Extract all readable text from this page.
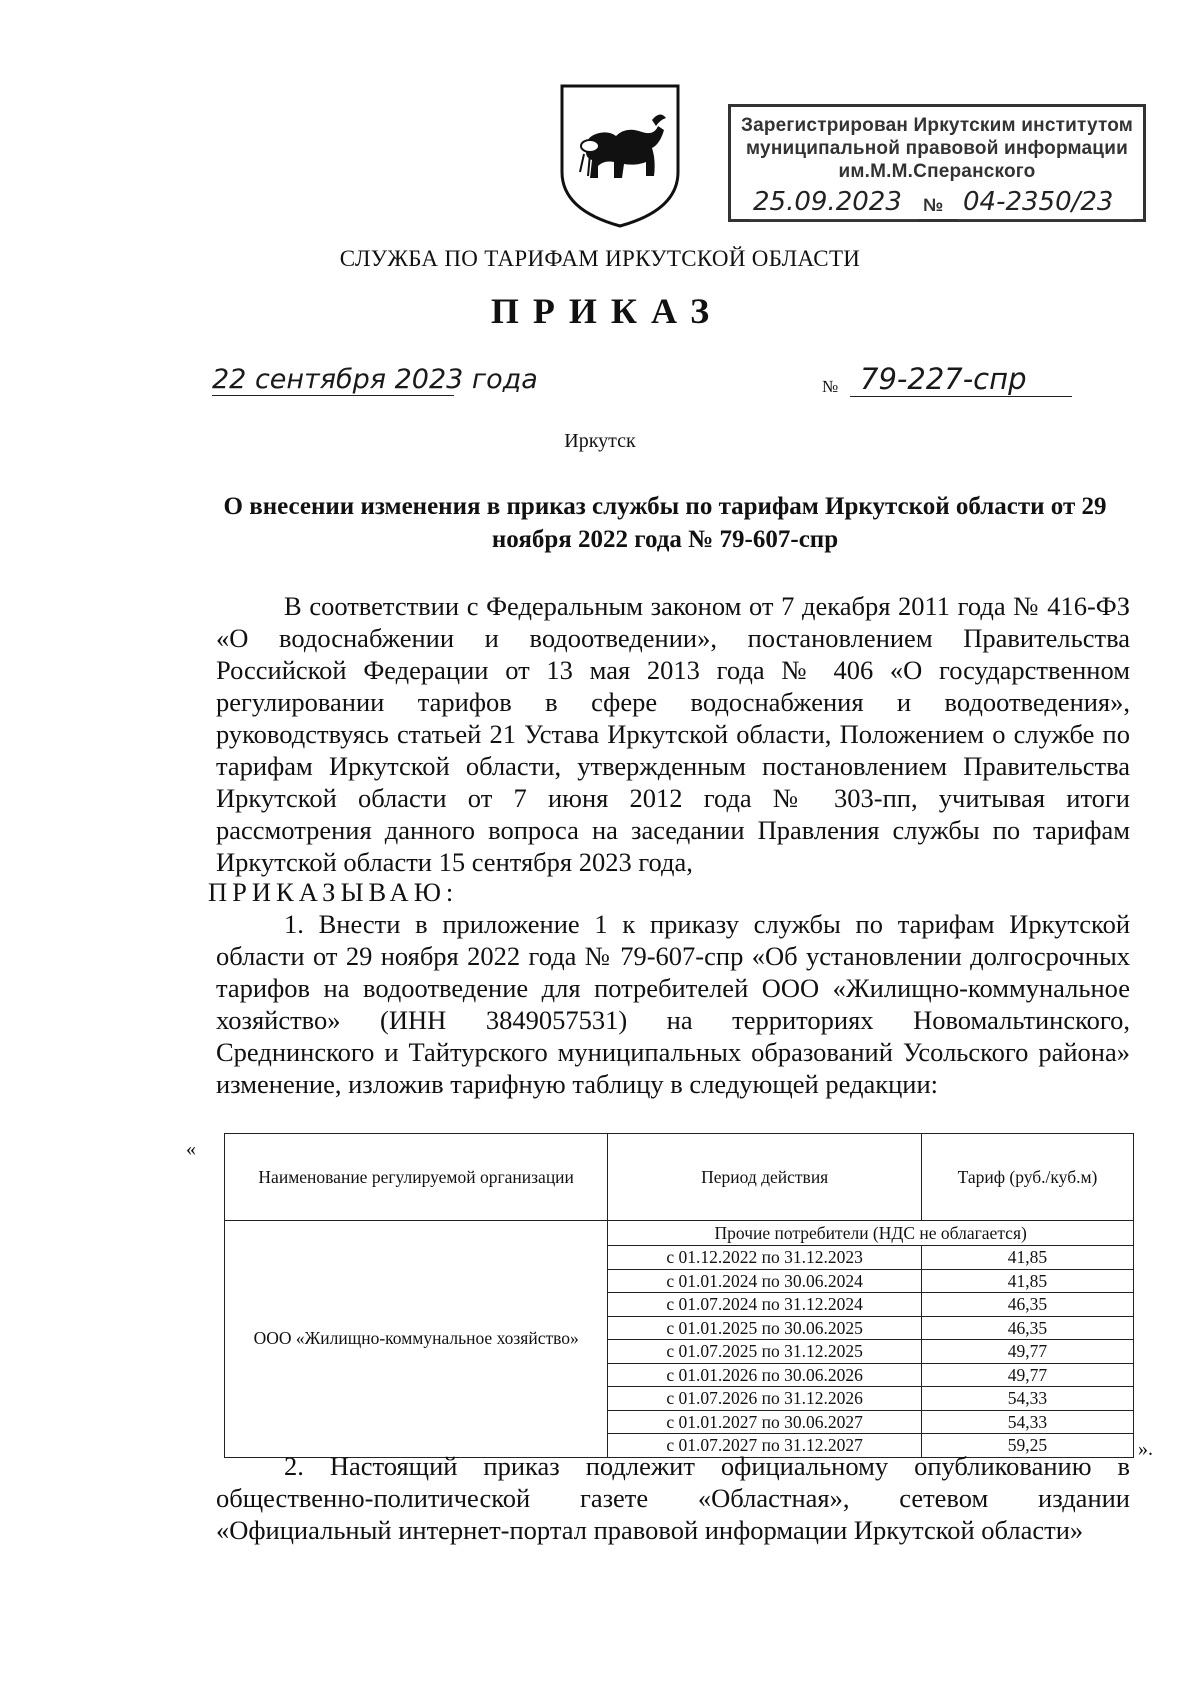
Зарегистрирован Иркутским институтом
муниципальной правовой информации
им.М.М.Сперанского
25.09.2023 № 04-2350/23
СЛУЖБА ПО ТАРИФАМ ИРКУТСКОЙ ОБЛАСТИ
ПРИКАЗ
22 сентября 2023 года	№ 79-227-спр
Иркутск
О внесении изменения в приказ службы по тарифам Иркутской области от 29 ноября 2022 года № 79-607-спр
В соответствии с Федеральным законом от 7 декабря 2011 года № 416-ФЗ «О водоснабжении и водоотведении», постановлением Правительства Российской Федерации от 13 мая 2013 года № 406 «О государственном регулировании тарифов в сфере водоснабжения и водоотведения», руководствуясь статьей 21 Устава Иркутской области, Положением о службе по тарифам Иркутской области, утвержденным постановлением Правительства Иркутской области от 7 июня 2012 года № 303-пп, учитывая итоги рассмотрения данного вопроса на заседании Правления службы по тарифам Иркутской области 15 сентября 2023 года,
ПРИКАЗЫВАЮ:
1. Внести в приложение 1 к приказу службы по тарифам Иркутской области от 29 ноября 2022 года № 79-607-спр «Об установлении долгосрочных тарифов на водоотведение для потребителей ООО «Жилищно-коммунальное хозяйство» (ИНН 3849057531) на территориях Новомальтинского, Среднинского и Тайтурского муниципальных образований Усольского района» изменение, изложив тарифную таблицу в следующей редакции:
«
Наименование регулируемой организации	Период действия	Тариф (руб./куб.м)
ООО «Жилищно-коммунальное хозяйство»	Прочие потребители (НДС не облагается)	
	с 01.12.2022 по 31.12.2023	41,85
	с 01.01.2024 по 30.06.2024	41,85
	с 01.07.2024 по 31.12.2024	46,35
	с 01.01.2025 по 30.06.2025	46,35
	с 01.07.2025 по 31.12.2025	49,77
	с 01.01.2026 по 30.06.2026	49,77
	с 01.07.2026 по 31.12.2026	54,33
	с 01.01.2027 по 30.06.2027	54,33
	с 01.07.2027 по 31.12.2027	59,25	».
2. Настоящий приказ подлежит официальному опубликованию в общественно-политической газете «Областная», сетевом издании «Официальный интернет-портал правовой информации Иркутской области»
